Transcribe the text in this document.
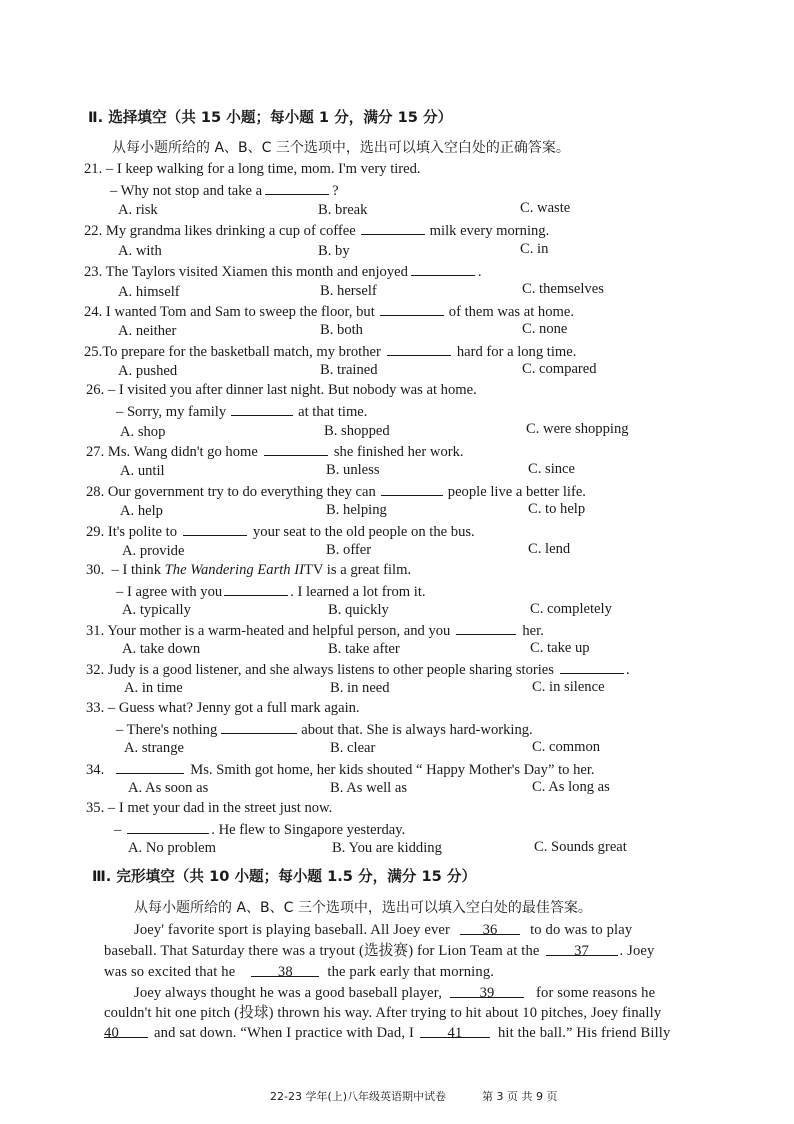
Ⅱ. 选择填空（共 15 小题；每小题 1 分，满分 15 分）
从每小题所给的 A、B、C 三个选项中，选出可以填入空白处的正确答案。
21. – I keep walking for a long time, mom. I'm very tired.
– Why not stop and take a	?
A. risk	B. break	C. waste
22. My grandma likes drinking a cup of coffee	milk every morning.
A. with	B. by	C. in
23. The Taylors visited Xiamen this month and enjoyed	.
A. himself	B. herself	C. themselves
24. I wanted Tom and Sam to sweep the floor, but	of them was at home.
A. neither	B. both	C. none
25.To prepare for the basketball match, my brother	hard for a long time.
A. pushed	B. trained	C. compared
26. – I visited you after dinner last night. But nobody was at home.
– Sorry, my family	at that time.
A. shop	B. shopped	C. were shopping
27. Ms. Wang didn't go home	she finished her work.
A. until	B. unless	C. since
28. Our government try to do everything they can	people live a better life.
A. help	B. helping	C. to help
29. It's polite to	your seat to the old people on the bus.
A. provide	B. offer	C. lend
30.  – I think The Wandering Earth IITV is a great film.
– I agree with you	. I learned a lot from it.
A. typically	B. quickly	C. completely
31. Your mother is a warm-heated and helpful person, and you	her.
A. take down	B. take after	C. take up
32. Judy is a good listener, and she always listens to other people sharing stories	.
A. in time	B. in need	C. in silence
33. – Guess what? Jenny got a full mark again.
– There's nothing	about that. She is always hard-working.
A. strange	B. clear	C. common
34.	Ms. Smith got home, her kids shouted “ Happy Mother's Day” to her.
A. As soon as	B. As well as	C. As long as
35. – I met your dad in the street just now.
–	. He flew to Singapore yesterday.
A. No problem	B. You are kidding	C. Sounds great
Ⅲ. 完形填空（共 10 小题；每小题 1.5 分，满分 15 分）
从每小题所给的 A、B、C 三个选项中，选出可以填入空白处的最佳答案。
Joey' favorite sport is playing baseball. All Joey ever 36 to do was to play
baseball. That Saturday there was a tryout (选拔赛) for Lion Team at the 37 . Joey
was so excited that he	38 the park early that morning.
Joey always thought he was a good baseball player,	39	for some reasons he
couldn't hit one pitch (投球) thrown his way. After trying to hit about 10 pitches, Joey finally
40 and sat down. “When I practice with Dad, I 41 hit the ball.” His friend Billy
22-23 学年(上)八年级英语期中试卷	第 3 页 共 9 页
